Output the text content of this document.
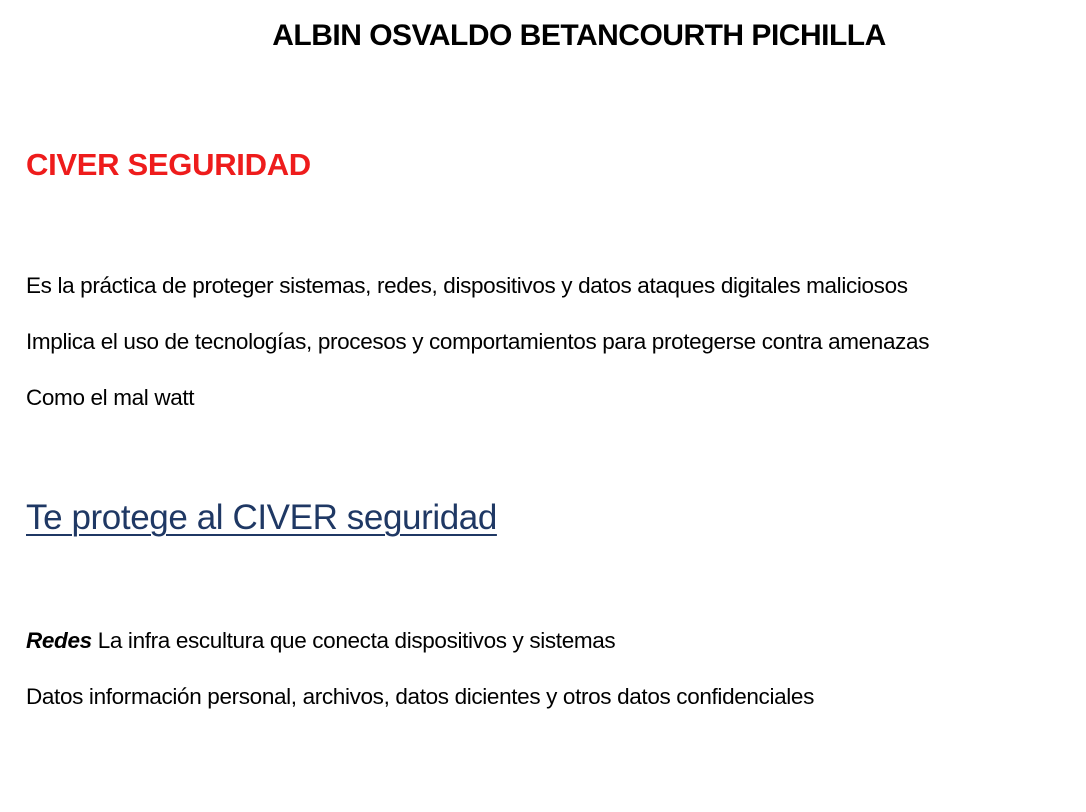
ALBIN OSVALDO BETANCOURTH PICHILLA
CIVER SEGURIDAD
Es la práctica de proteger sistemas, redes, dispositivos y datos ataques digitales maliciosos
Implica el uso de tecnologías, procesos y comportamientos para protegerse contra amenazas
Como el mal watt
Te protege al CIVER seguridad
Redes La infra escultura que conecta dispositivos y sistemas
Datos información personal, archivos, datos dicientes y otros datos confidenciales
